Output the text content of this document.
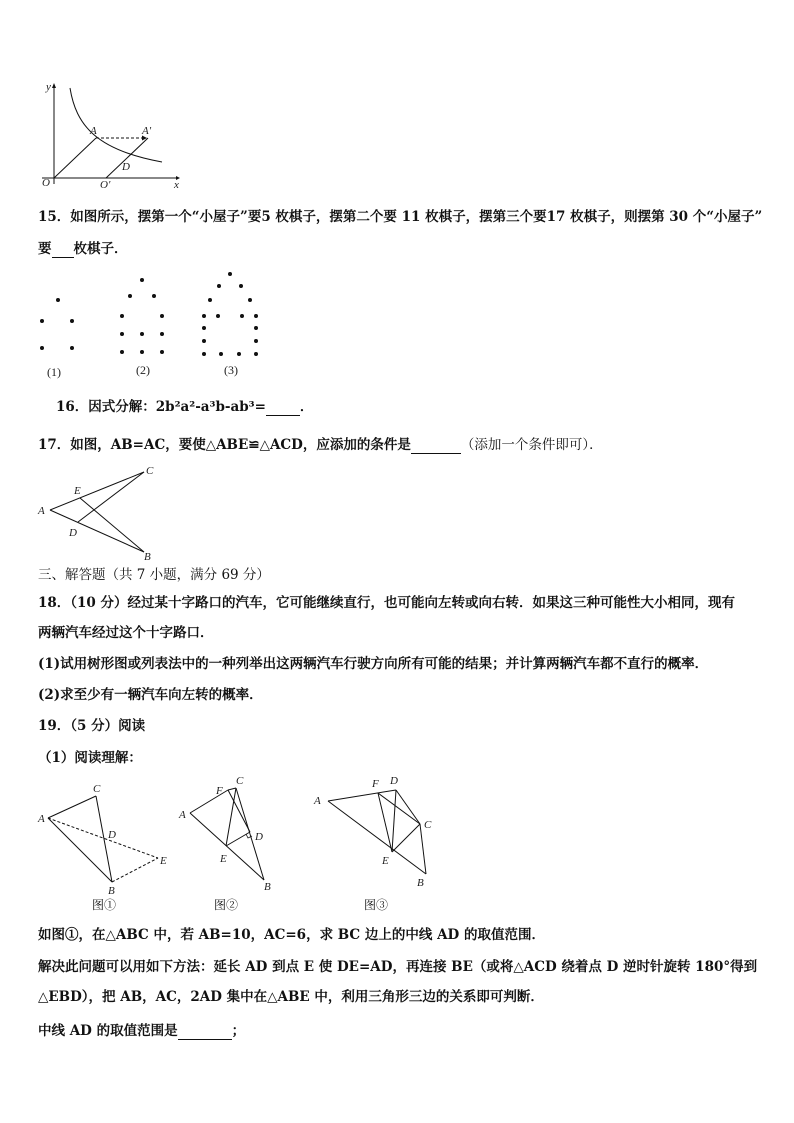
y
x
O
A	A'
D
O'
15．如图所示，摆第一个“小屋子”要5 枚棋子，摆第二个要 11 枚棋子，摆第三个要17 枚棋子，则摆第 30 个“小屋子”
要 枚棋子．
(1)	(2)	(3)
16．因式分解：2b²a²-a³b-ab³=	．
17．如图，AB=AC，要使△ABE≌△ACD，应添加的条件是	（添加一个条件即可）．
A
C
B
E
D
三、解答题（共 7 小题，满分 69 分）
18．（10 分）经过某十字路口的汽车，它可能继续直行，也可能向左转或向右转．如果这三种可能性大小相同，现有
两辆汽车经过这个十字路口．
(1)试用树形图或列表法中的一种列举出这两辆汽车行驶方向所有可能的结果；并计算两辆汽车都不直行的概率．
(2)求至少有一辆汽车向左转的概率．
19．（5 分）阅读
（1）阅读理解：
A
C
D
E
B
A
F
C
D
E
B
A
F D
C
E
B
图①	图②	图③
如图①，在△ABC 中，若 AB=10，AC=6，求 BC 边上的中线 AD 的取值范围．
解决此问题可以用如下方法：延长 AD 到点 E 使 DE=AD，再连接 BE（或将△ACD 绕着点 D 逆时针旋转 180°得到
△EBD），把 AB，AC，2AD 集中在△ABE 中，利用三角形三边的关系即可判断．
中线 AD 的取值范围是	；
